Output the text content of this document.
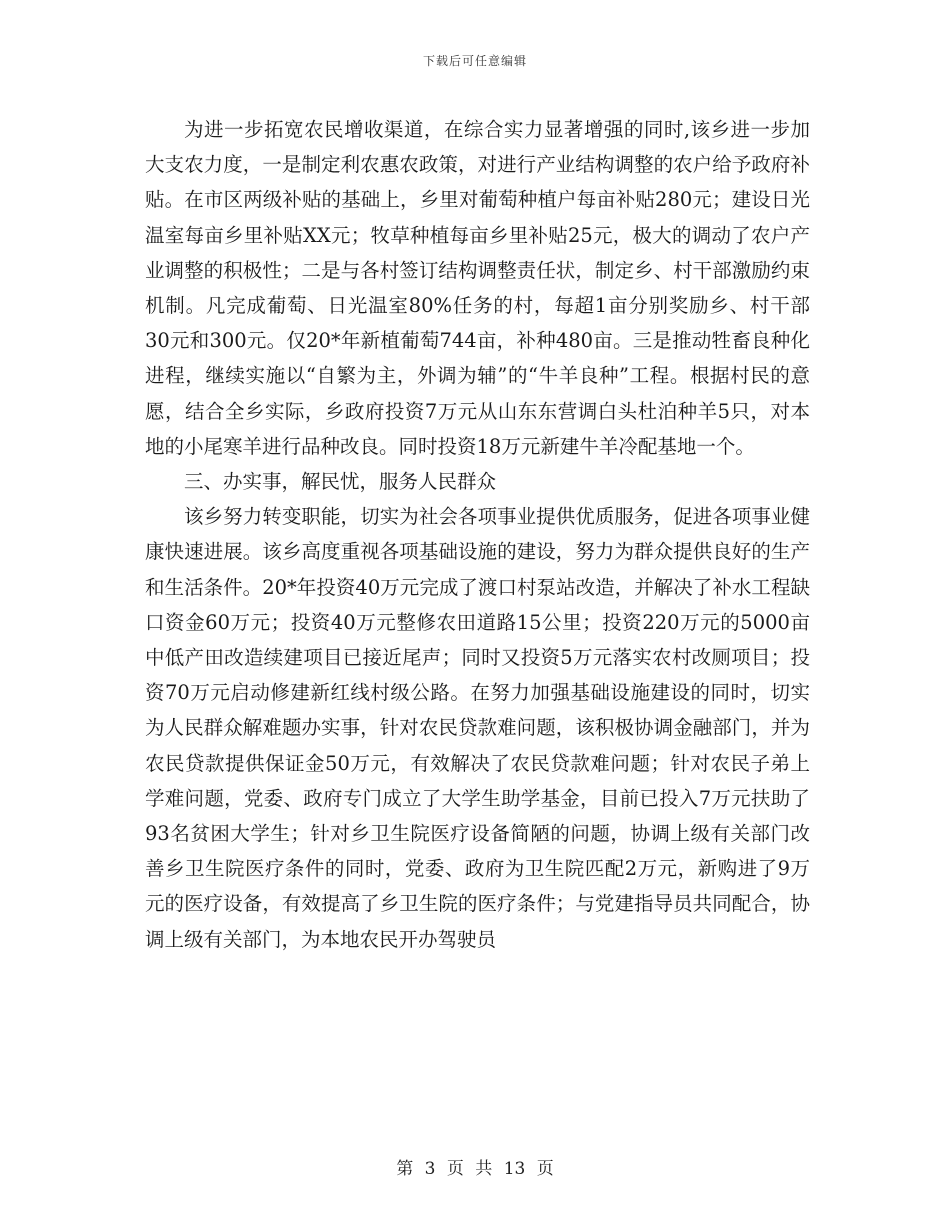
下载后可任意编辑

为进一步拓宽农民增收渠道，在综合实力显著增强的同时,该乡进一步加大支农力度，一是制定利农惠农政策，对进行产业结构调整的农户给予政府补贴。在市区两级补贴的基础上，乡里对葡萄种植户每亩补贴280元；建设日光温室每亩乡里补贴XX元；牧草种植每亩乡里补贴25元，极大的调动了农户产业调整的积极性；二是与各村签订结构调整责任状，制定乡、村干部激励约束机制。凡完成葡萄、日光温室80%任务的村，每超1亩分别奖励乡、村干部30元和300元。仅20*年新植葡萄744亩，补种480亩。三是推动牲畜良种化进程，继续实施以“自繁为主，外调为辅”的“牛羊良种”工程。根据村民的意愿，结合全乡实际，乡政府投资7万元从山东东营调白头杜泊种羊5只，对本地的小尾寒羊进行品种改良。同时投资18万元新建牛羊冷配基地一个。

三、办实事，解民忧，服务人民群众

该乡努力转变职能，切实为社会各项事业提供优质服务，促进各项事业健康快速进展。该乡高度重视各项基础设施的建设，努力为群众提供良好的生产和生活条件。20*年投资40万元完成了渡口村泵站改造，并解决了补水工程缺口资金60万元；投资40万元整修农田道路15公里；投资220万元的5000亩中低产田改造续建项目已接近尾声；同时又投资5万元落实农村改厕项目；投资70万元启动修建新红线村级公路。在努力加强基础设施建设的同时，切实为人民群众解难题办实事，针对农民贷款难问题，该积极协调金融部门，并为农民贷款提供保证金50万元，有效解决了农民贷款难问题；针对农民子弟上学难问题，党委、政府专门成立了大学生助学基金，目前已投入7万元扶助了93名贫困大学生；针对乡卫生院医疗设备简陋的问题，协调上级有关部门改善乡卫生院医疗条件的同时，党委、政府为卫生院匹配2万元，新购进了9万元的医疗设备，有效提高了乡卫生院的医疗条件；与党建指导员共同配合，协调上级有关部门，为本地农民开办驾驶员

第 3 页 共 13 页
